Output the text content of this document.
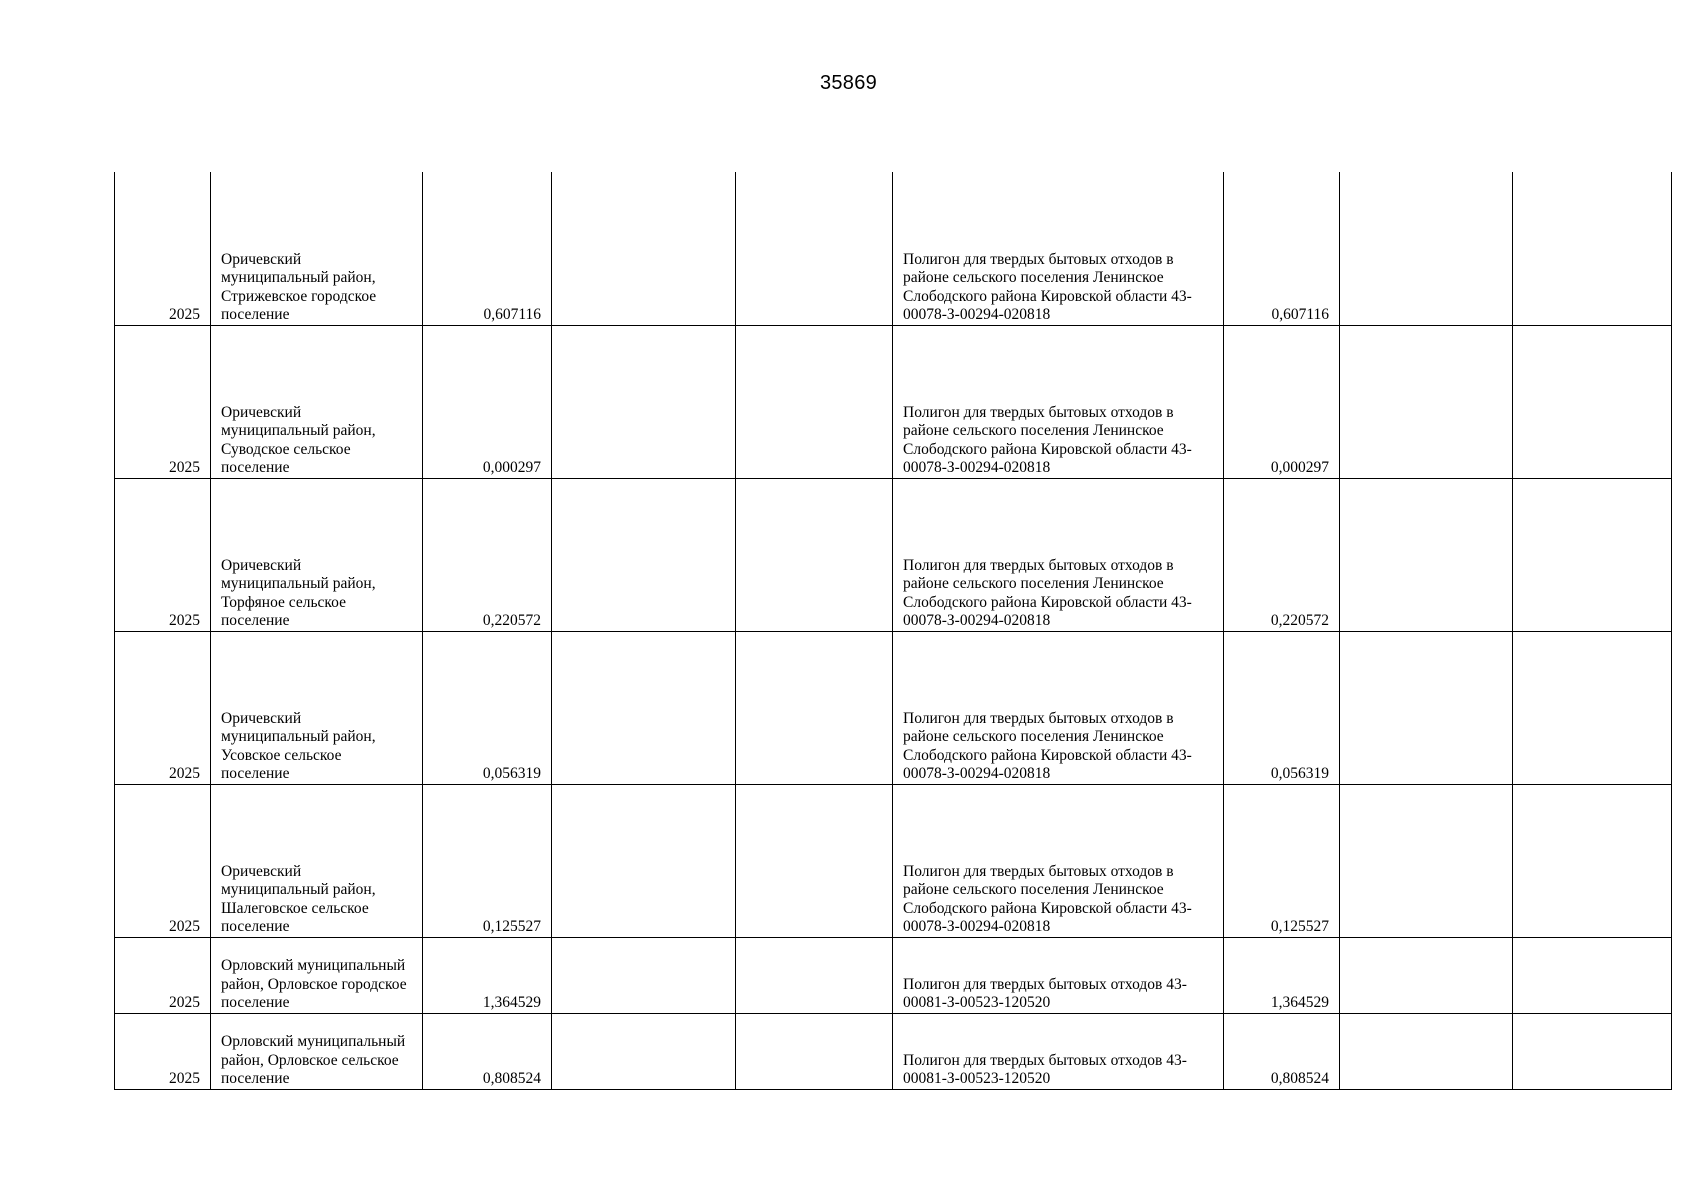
35869
2025	Оричевский муниципальный район, Стрижевское городское поселение	0,607116			Полигон для твердых бытовых отходов в районе сельского поселения Ленинское Слободского района Кировской области 43-00078-З-00294-020818	0,607116		
2025	Оричевский муниципальный район, Суводское сельское поселение	0,000297			Полигон для твердых бытовых отходов в районе сельского поселения Ленинское Слободского района Кировской области 43-00078-З-00294-020818	0,000297		
2025	Оричевский муниципальный район, Торфяное сельское поселение	0,220572			Полигон для твердых бытовых отходов в районе сельского поселения Ленинское Слободского района Кировской области 43-00078-З-00294-020818	0,220572		
2025	Оричевский муниципальный район, Усовское сельское поселение	0,056319			Полигон для твердых бытовых отходов в районе сельского поселения Ленинское Слободского района Кировской области 43-00078-З-00294-020818	0,056319		
2025	Оричевский муниципальный район, Шалеговское сельское поселение	0,125527			Полигон для твердых бытовых отходов в районе сельского поселения Ленинское Слободского района Кировской области 43-00078-З-00294-020818	0,125527		
2025	Орловский муниципальный район, Орловское городское поселение	1,364529			Полигон для твердых бытовых отходов 43-00081-З-00523-120520	1,364529		
2025	Орловский муниципальный район, Орловское сельское поселение	0,808524			Полигон для твердых бытовых отходов 43-00081-З-00523-120520	0,808524		
